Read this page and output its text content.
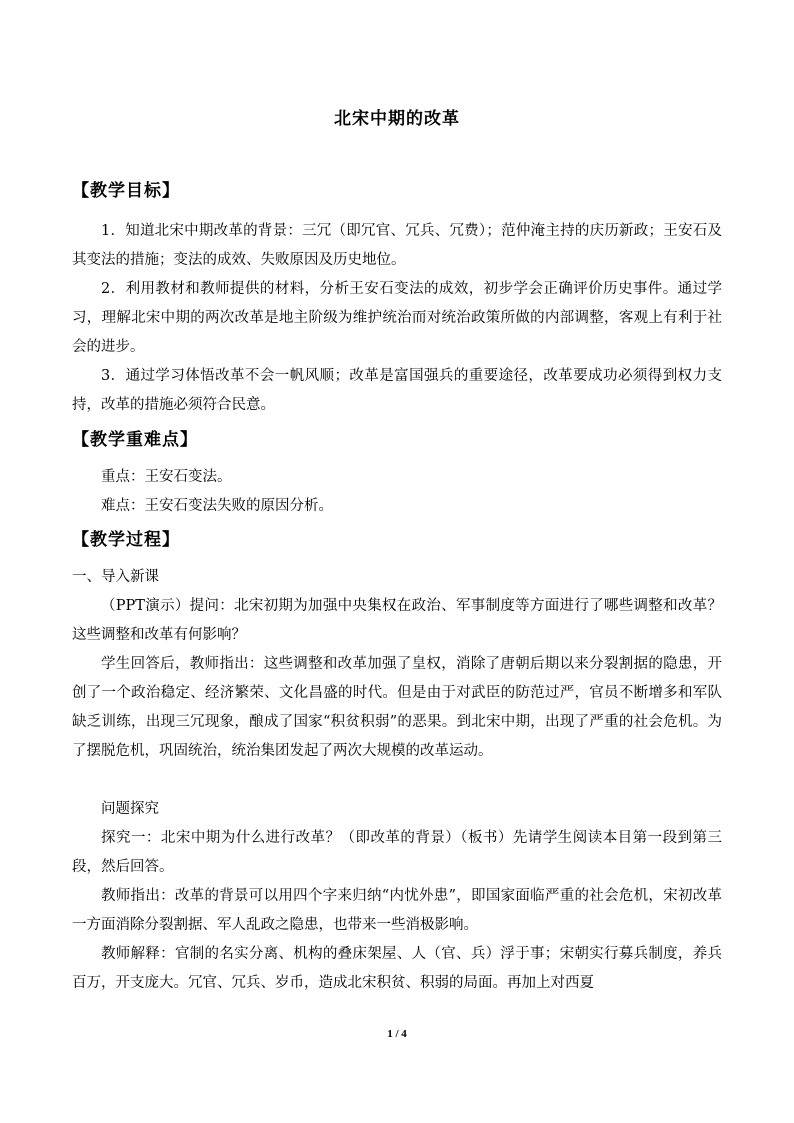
北宋中期的改革
【教学目标】

1．知道北宋中期改革的背景：三冗（即冗官、冗兵、冗费）；范仲淹主持的庆历新政；王安石及其变法的措施；变法的成效、失败原因及历史地位。

2．利用教材和教师提供的材料，分析王安石变法的成效，初步学会正确评价历史事件。通过学习，理解北宋中期的两次改革是地主阶级为维护统治而对统治政策所做的内部调整，客观上有利于社会的进步。

3．通过学习体悟改革不会一帆风顺；改革是富国强兵的重要途径，改革要成功必须得到权力支持，改革的措施必须符合民意。

【教学重难点】

重点：王安石变法。

难点：王安石变法失败的原因分析。

【教学过程】

一、导入新课

（PPT演示）提问：北宋初期为加强中央集权在政治、军事制度等方面进行了哪些调整和改革？这些调整和改革有何影响？

学生回答后，教师指出：这些调整和改革加强了皇权，消除了唐朝后期以来分裂割据的隐患，开创了一个政治稳定、经济繁荣、文化昌盛的时代。但是由于对武臣的防范过严，官员不断增多和军队缺乏训练，出现三冗现象，酿成了国家“积贫积弱”的恶果。到北宋中期，出现了严重的社会危机。为了摆脱危机，巩固统治，统治集团发起了两次大规模的改革运动。

问题探究

探究一：北宋中期为什么进行改革？（即改革的背景）（板书）先请学生阅读本目第一段到第三段，然后回答。

教师指出：改革的背景可以用四个字来归纳“内忧外患”，即国家面临严重的社会危机，宋初改革一方面消除分裂割据、军人乱政之隐患，也带来一些消极影响。

教师解释：官制的名实分离、机构的叠床架屋、人（官、兵）浮于事；宋朝实行募兵制度，养兵百万，开支庞大。冗官、冗兵、岁币，造成北宋积贫、积弱的局面。再加上对西夏

1 / 4
